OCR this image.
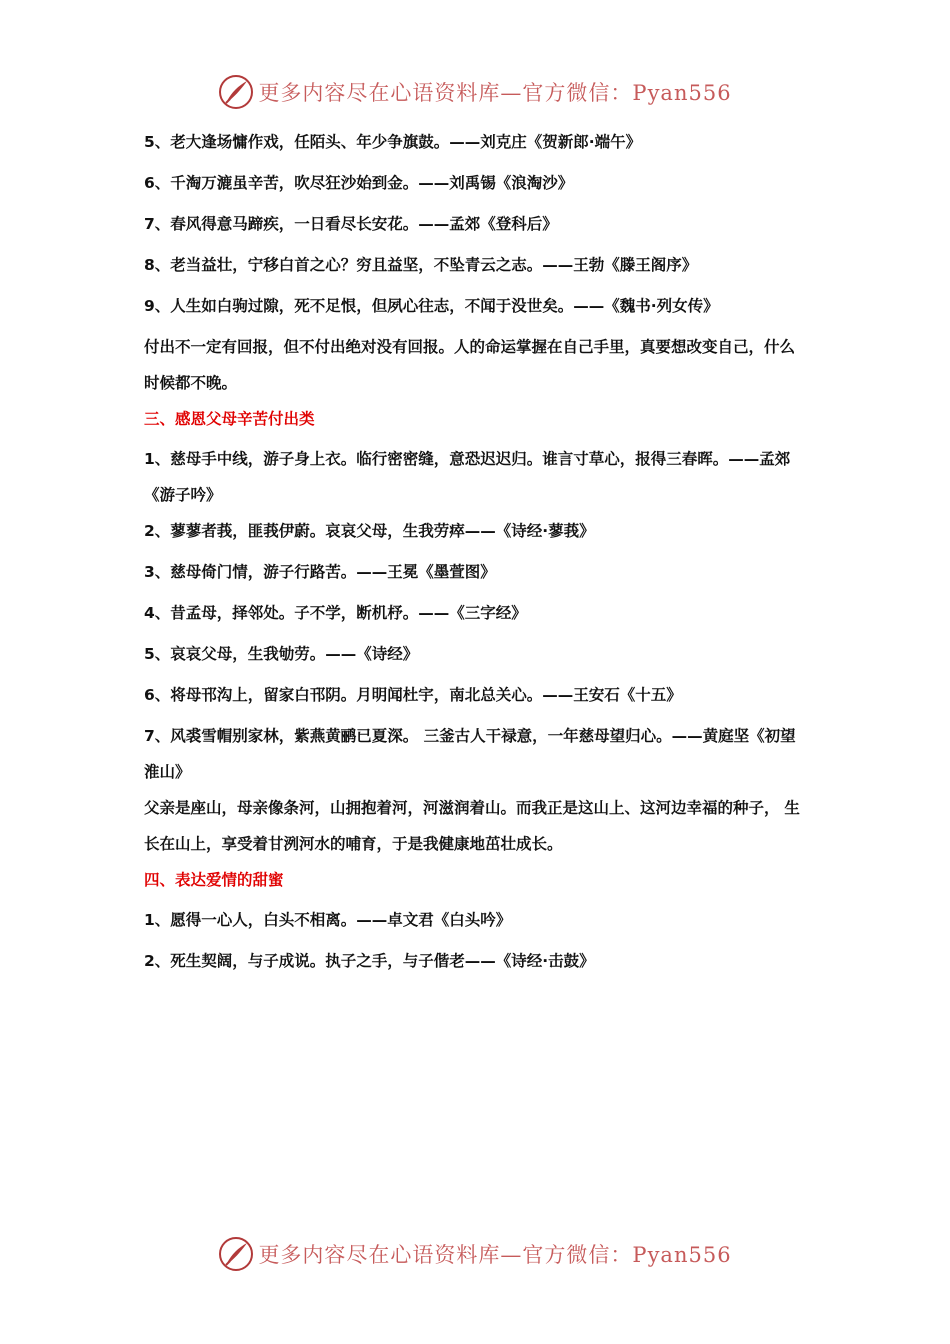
更多内容尽在心语资料库—官方微信：Pyan556
5、老大逢场慵作戏，任陌头、年少争旗鼓。——刘克庄《贺新郎·端午》
6、千淘万漉虽辛苦，吹尽狂沙始到金。——刘禹锡《浪淘沙》
7、春风得意马蹄疾，一日看尽长安花。——孟郊《登科后》
8、老当益壮，宁移白首之心？穷且益坚，不坠青云之志。——王勃《滕王阁序》
9、人生如白驹过隙，死不足恨，但夙心往志，不闻于没世矣。——《魏书·列女传》
付出不一定有回报，但不付出绝对没有回报。人的命运掌握在自己手里，真要想改变自己，什么时候都不晚。
三、感恩父母辛苦付出类
1、慈母手中线，游子身上衣。临行密密缝，意恐迟迟归。谁言寸草心，报得三春晖。——孟郊《游子吟》
2、蓼蓼者莪，匪莪伊蔚。哀哀父母，生我劳瘁——《诗经·蓼莪》
3、慈母倚门情，游子行路苦。——王冕《墨萱图》
4、昔孟母，择邻处。子不学，断机杼。——《三字经》
5、哀哀父母，生我劬劳。——《诗经》
6、将母邗沟上，留家白邗阴。月明闻杜宇，南北总关心。——王安石《十五》
7、风裘雪帽别家林，紫燕黄鹂已夏深。 三釜古人干禄意，一年慈母望归心。——黄庭坚《初望淮山》
父亲是座山，母亲像条河，山拥抱着河，河滋润着山。而我正是这山上、这河边幸福的种子， 生长在山上，享受着甘洌河水的哺育，于是我健康地茁壮成长。
四、表达爱情的甜蜜
1、愿得一心人，白头不相离。——卓文君《白头吟》
2、死生契阔，与子成说。执子之手，与子偕老——《诗经·击鼓》
更多内容尽在心语资料库—官方微信：Pyan556
